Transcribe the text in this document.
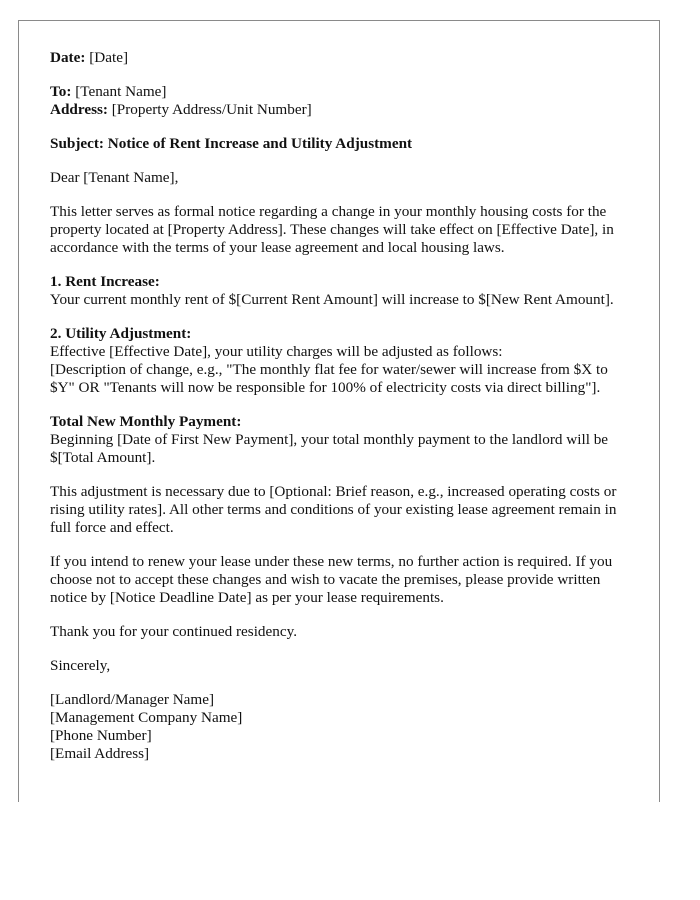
Date: [Date]
To: [Tenant Name]
Address: [Property Address/Unit Number]
Subject: Notice of Rent Increase and Utility Adjustment
Dear [Tenant Name],
This letter serves as formal notice regarding a change in your monthly housing costs for the property located at [Property Address]. These changes will take effect on [Effective Date], in accordance with the terms of your lease agreement and local housing laws.
1. Rent Increase:
Your current monthly rent of $[Current Rent Amount] will increase to $[New Rent Amount].
2. Utility Adjustment:
Effective [Effective Date], your utility charges will be adjusted as follows:
[Description of change, e.g., "The monthly flat fee for water/sewer will increase from $X to $Y" OR "Tenants will now be responsible for 100% of electricity costs via direct billing"].
Total New Monthly Payment:
Beginning [Date of First New Payment], your total monthly payment to the landlord will be $[Total Amount].
This adjustment is necessary due to [Optional: Brief reason, e.g., increased operating costs or rising utility rates]. All other terms and conditions of your existing lease agreement remain in full force and effect.
If you intend to renew your lease under these new terms, no further action is required. If you choose not to accept these changes and wish to vacate the premises, please provide written notice by [Notice Deadline Date] as per your lease requirements.
Thank you for your continued residency.
Sincerely,
[Landlord/Manager Name]
[Management Company Name]
[Phone Number]
[Email Address]
